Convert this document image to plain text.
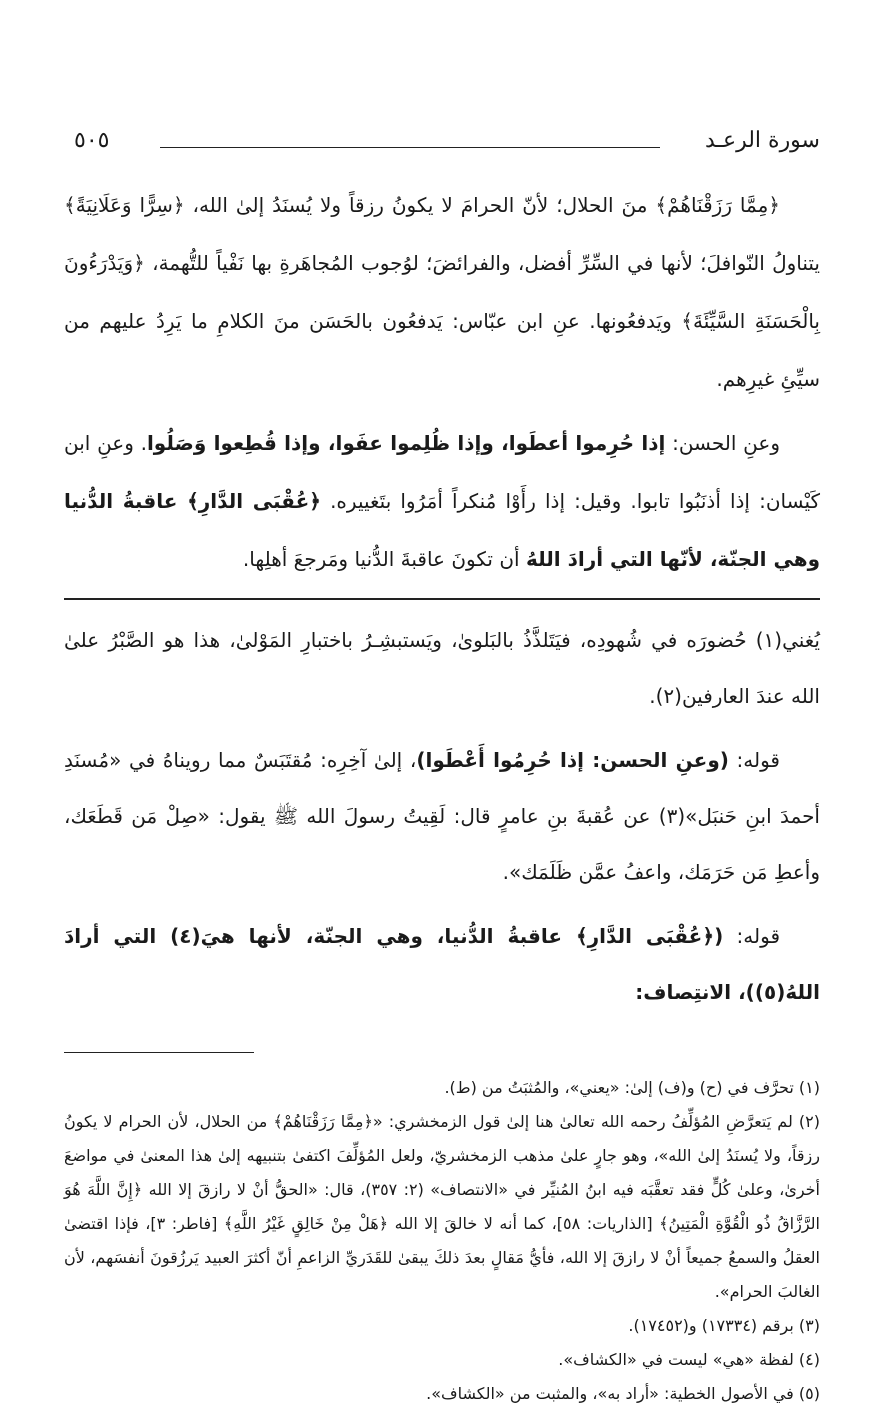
سورة الرعـد
٥٠٥

﴿مِمَّا رَزَقْنَاهُمْ﴾ منَ الحلال؛ لأنّ الحرامَ لا يكونُ رزقاً ولا يُسنَدُ إلىٰ الله، ﴿سِرًّا وَعَلَانِيَةً﴾ يتناولُ النّوافلَ؛ لأنها في السِّرِّ أفضل، والفرائضَ؛ لوُجوب المُجاهَرةِ بها نَفْياً للتُّهمة، ﴿وَيَدْرَءُونَ بِالْحَسَنَةِ السَّيِّئَةَ﴾ ويَدفعُونها. عنِ ابن عبّاس: يَدفعُون بالحَسَن منَ الكلامِ ما يَرِدُ عليهم من سيِّئِ غيرِهم.

وعنِ الحسن: إذا حُرِموا أعطَوا، وإذا ظُلِموا عفَوا، وإذا قُطِعوا وَصَلُوا. وعنِ ابن كَيْسان: إذا أذنَبُوا تابوا. وقيل: إذا رأَوْا مُنكراً أمَرُوا بتَغييره. ﴿عُقْبَى الدَّارِ﴾ عاقبةُ الدُّنيا وهي الجنّة، لأنّها التي أرادَ اللهُ أن تكونَ عاقبةَ الدُّنيا ومَرجعَ أهلِها.

يُغني(١) حُضورَه في شُهودِه، فيَتَلذَّذُ بالبَلوىٰ، ويَستبشِـرُ باختبارِ المَوْلىٰ، هذا هو الصَّبْرُ علىٰ الله عندَ العارفين(٢).

قوله: (وعنِ الحسن: إذا حُرِمُوا أَعْطَوا)، إلىٰ آخِرِه: مُقتَبَسٌ مما رويناهُ في «مُسنَدِ أحمدَ ابنِ حَنبَل»(٣) عن عُقبةَ بنِ عامرٍ قال: لَقِيتُ رسولَ الله ﷺ يقول: «صِلْ مَن قَطَعَك، وأعطِ مَن حَرَمَك، واعفُ عمَّن ظَلَمَك».

قوله: (﴿عُقْبَى الدَّارِ﴾ عاقبةُ الدُّنيا، وهي الجنّة، لأنها هيَ(٤) التي أرادَ اللهُ(٥))، الانتِصاف:

(١) تحرَّف في (ح) و(ف) إلىٰ: «يعني»، والمُثبَتُ من (ط).

(٢) لم يَتعرَّضِ المُؤلِّفُ رحمه الله تعالىٰ هنا إلىٰ قول الزمخشري: «﴿مِمَّا رَزَقْنَاهُمْ﴾ من الحلال، لأن الحرام لا يكونُ رزقاً، ولا يُسنَدُ إلىٰ الله»، وهو جارٍ علىٰ مذهب الزمخشريّ، ولعل المُؤلِّفَ اكتفىٰ بتنبيهه إلىٰ هذا المعنىٰ في مواضعَ أخرىٰ، وعلىٰ كُلٍّ فقد تعقَّبَه فيه ابنُ المُنيِّر في «الانتصاف» (٢: ٣٥٧)، قال: «الحقُّ أنْ لا رازقَ إلا الله ﴿إِنَّ اللَّهَ هُوَ الرَّزَّاقُ ذُو الْقُوَّةِ الْمَتِينُ﴾ [الذاريات: ٥٨]، كما أنه لا خالقَ إلا الله ﴿هَلْ مِنْ خَالِقٍ غَيْرُ اللَّهِ﴾ [فاطر: ٣]، فإذا اقتضىٰ العقلُ والسمعُ جميعاً أنْ لا رازقَ إلا الله، فأيُّ مَقالٍ بعدَ ذلكَ يبقىٰ للقَدَريِّ الزاعمِ أنّ أكثرَ العبيد يَرزُقونَ أنفسَهم، لأن الغالبَ الحرام».

(٣) برقم (١٧٣٣٤) و(١٧٤٥٢).

(٤) لفظة «هي» ليست في «الكشاف».

(٥) في الأصول الخطية: «أراد به»، والمثبت من «الكشاف».
